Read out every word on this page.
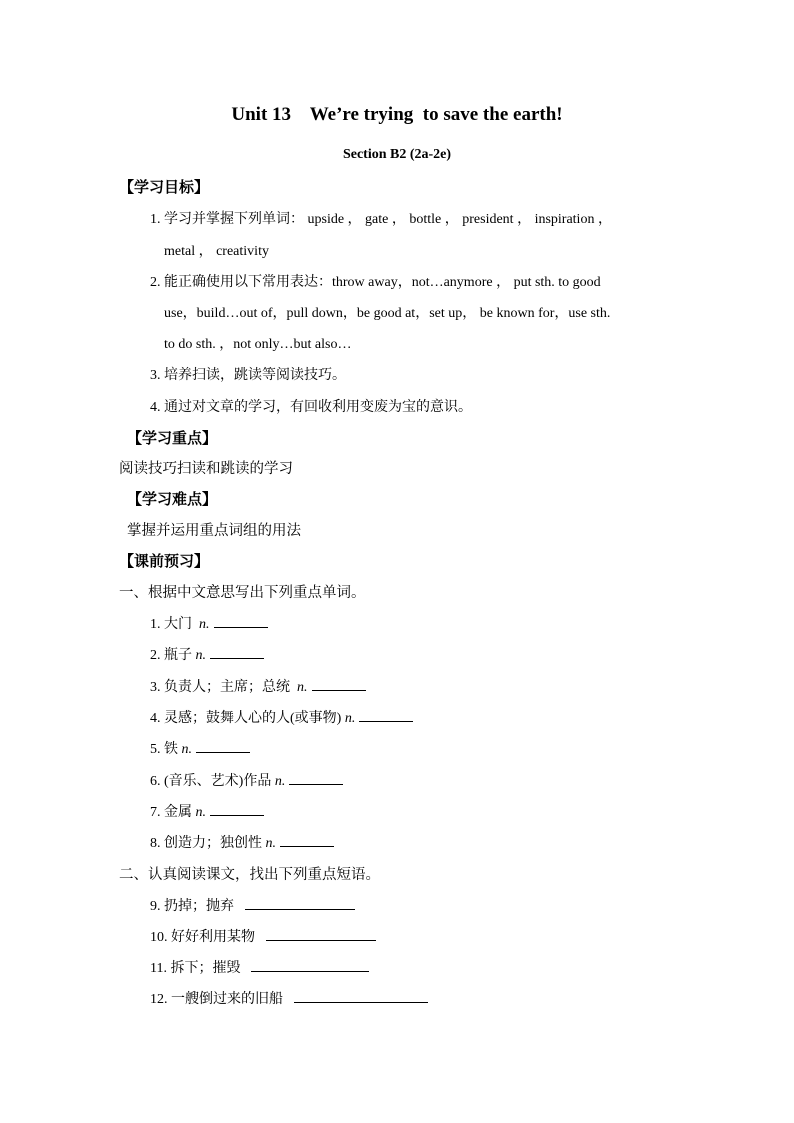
Unit 13    We’re trying  to save the earth!
Section B2 (2a-2e)
【学习目标】
1. 学习并掌握下列单词： upside ， gate ， bottle ， president ， inspiration ，
metal ， creativity
2. 能正确使用以下常用表达：throw away，not…anymore ， put sth. to good
use，build…out of，pull down，be good at，set up， be known for，use sth.
to do sth. ，not only…but also…
3. 培养扫读，跳读等阅读技巧。
4. 通过对文章的学习，有回收利用变废为宝的意识。
【学习重点】
阅读技巧扫读和跳读的学习
【学习难点】
掌握并运用重点词组的用法
【课前预习】
一、根据中文意思写出下列重点单词。
1. 大门 n.
2. 瓶子 n.
3. 负责人；主席；总统 n.
4. 灵感；鼓舞人心的人(或事物) n.
5. 铁 n.
6. (音乐、艺术)作品 n.
7. 金属 n.
8. 创造力；独创性 n.
二、认真阅读课文，找出下列重点短语。
9. 扔掉；抛弃
10. 好好利用某物
11. 拆下；摧毁
12. 一艘倒过来的旧船
